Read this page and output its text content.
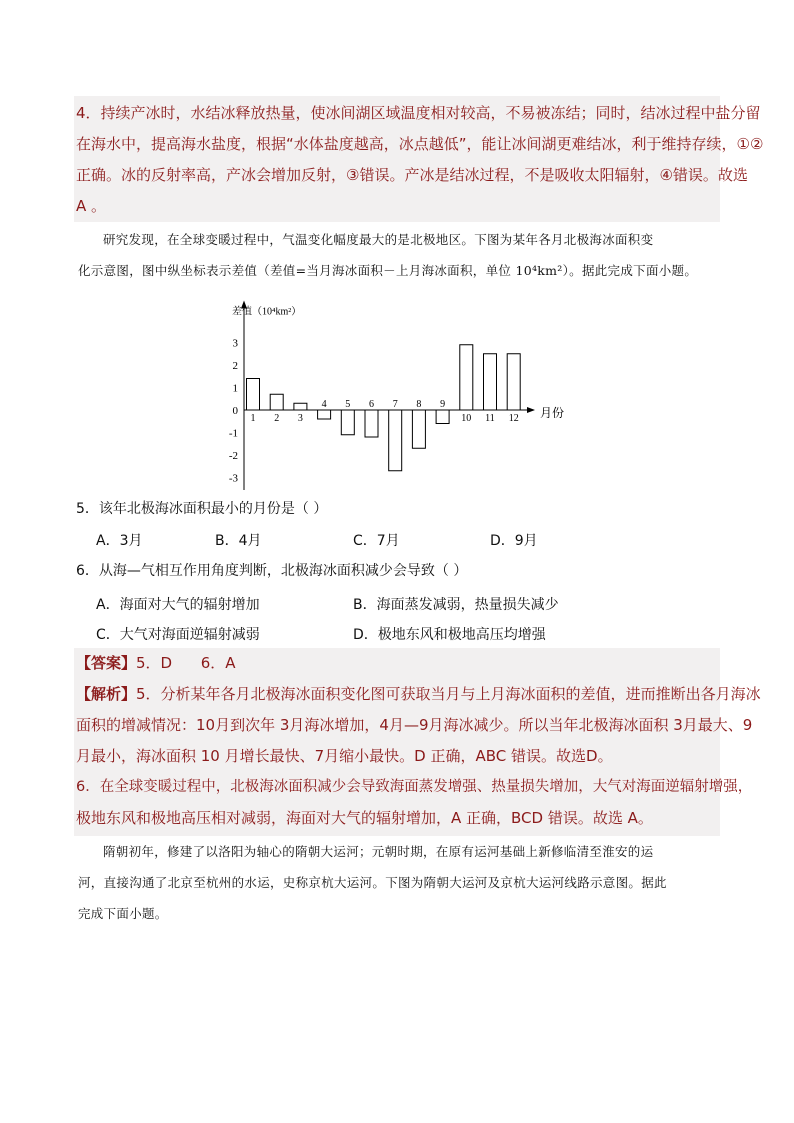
4．持续产冰时，水结冰释放热量，使冰间湖区域温度相对较高，不易被冻结；同时，结冰过程中盐分留
在海水中，提高海水盐度，根据“水体盐度越高，冰点越低”，能让冰间湖更难结冰，利于维持存续，①②
正确。冰的反射率高，产冰会增加反射，③错误。产冰是结冰过程，不是吸收太阳辐射，④错误。故选
A 。
研究发现，在全球变暖过程中，气温变化幅度最大的是北极地区。下图为某年各月北极海冰面积变
化示意图，图中纵坐标表示差值（差值=当月海冰面积－上月海冰面积，单位 10⁴km²）。据此完成下面小题。
差值（10⁴km²）
月份
3
2
1
0
-1
-2
-3
1 2 3
4 5 6 7 8 9
10 11 12
5．该年北极海冰面积最小的月份是（ ）
A．3月	B．4月	C．7月	D．9月
6．从海—气相互作用角度判断，北极海冰面积减少会导致（ ）
A．海面对大气的辐射增加	B．海面蒸发减弱，热量损失减少
C．大气对海面逆辐射减弱	D．极地东风和极地高压均增强
【答案】5．D      6．A
【解析】5．分析某年各月北极海冰面积变化图可获取当月与上月海冰面积的差值，进而推断出各月海冰
面积的增减情况：10月到次年 3月海冰增加，4月—9月海冰减少。所以当年北极海冰面积 3月最大、9
月最小，海冰面积 10 月增长最快、7月缩小最快。D 正确，ABC 错误。故选D。
6．在全球变暖过程中，北极海冰面积减少会导致海面蒸发增强、热量损失增加，大气对海面逆辐射增强，
极地东风和极地高压相对减弱，海面对大气的辐射增加，A 正确，BCD 错误。故选 A。
隋朝初年，修建了以洛阳为轴心的隋朝大运河；元朝时期，在原有运河基础上新修临清至淮安的运
河，直接沟通了北京至杭州的水运，史称京杭大运河。下图为隋朝大运河及京杭大运河线路示意图。据此
完成下面小题。
